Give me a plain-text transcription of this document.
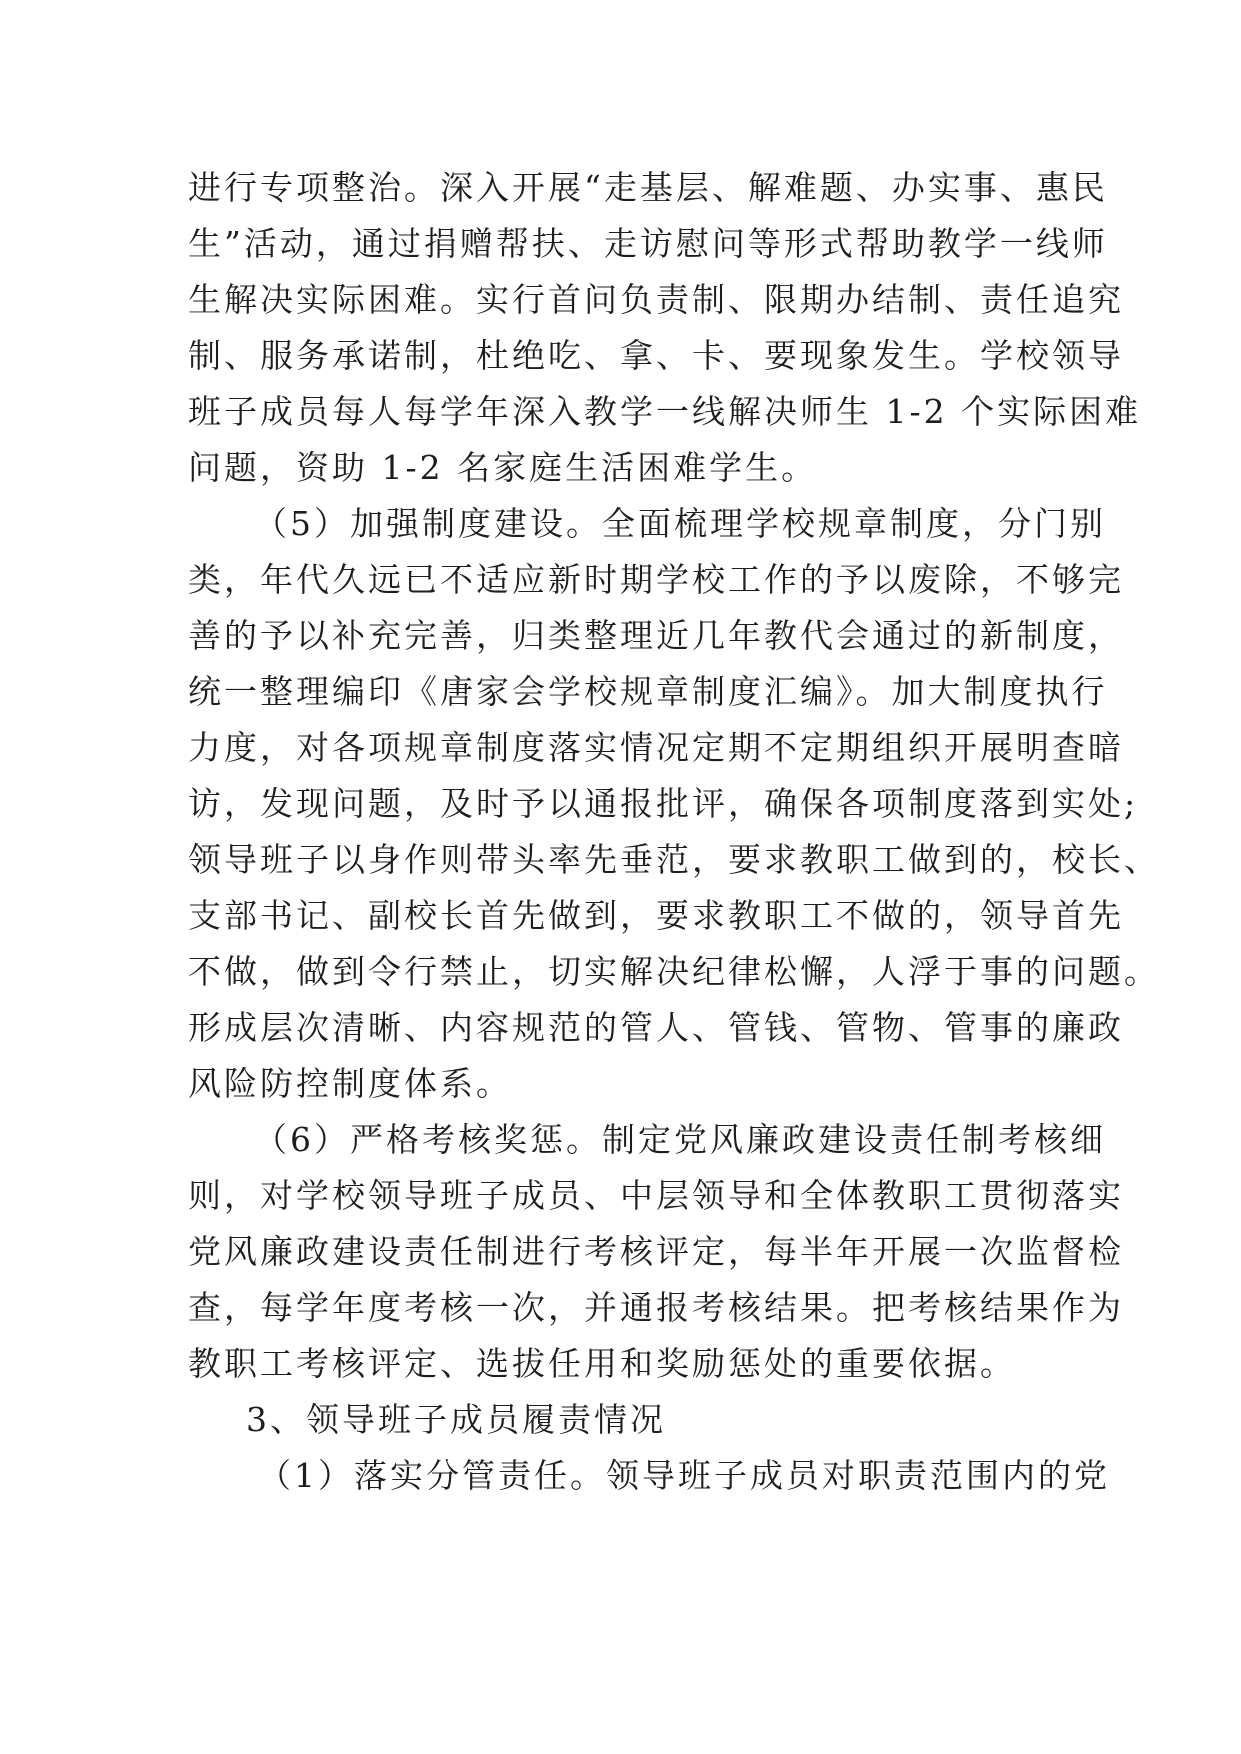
进行专项整治。深入开展“走基层、解难题、办实事、惠民
生”活动，通过捐赠帮扶、走访慰问等形式帮助教学一线师
生解决实际困难。实行首问负责制、限期办结制、责任追究
制、服务承诺制，杜绝吃、拿、卡、要现象发生。学校领导
班子成员每人每学年深入教学一线解决师生 1-2 个实际困难
问题，资助 1-2 名家庭生活困难学生。
（5）加强制度建设。全面梳理学校规章制度，分门别
类，年代久远已不适应新时期学校工作的予以废除，不够完
善的予以补充完善，归类整理近几年教代会通过的新制度，
统一整理编印《唐家会学校规章制度汇编》。加大制度执行
力度，对各项规章制度落实情况定期不定期组织开展明查暗
访，发现问题，及时予以通报批评，确保各项制度落到实处;
领导班子以身作则带头率先垂范，要求教职工做到的，校长、
支部书记、副校长首先做到，要求教职工不做的，领导首先
不做，做到令行禁止，切实解决纪律松懈，人浮于事的问题。
形成层次清晰、内容规范的管人、管钱、管物、管事的廉政
风险防控制度体系。
（6）严格考核奖惩。制定党风廉政建设责任制考核细
则，对学校领导班子成员、中层领导和全体教职工贯彻落实
党风廉政建设责任制进行考核评定，每半年开展一次监督检
查，每学年度考核一次，并通报考核结果。把考核结果作为
教职工考核评定、选拔任用和奖励惩处的重要依据。
3、领导班子成员履责情况
（1）落实分管责任。领导班子成员对职责范围内的党
